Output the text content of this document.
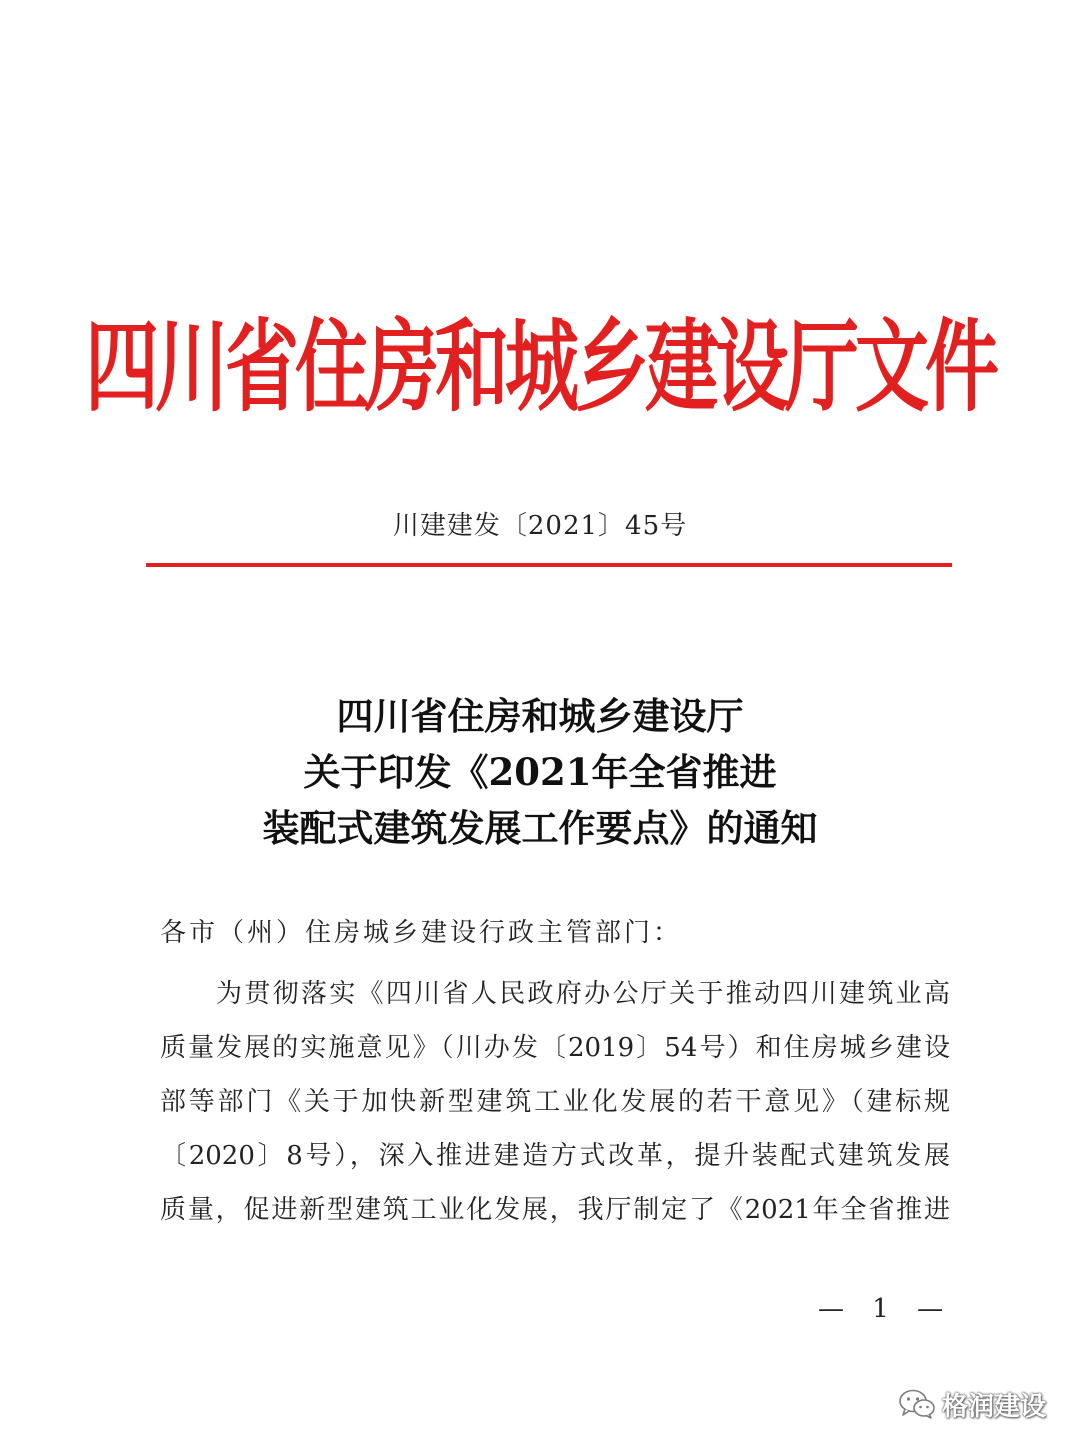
四川省住房和城乡建设厅文件
川建建发〔2021〕45号
四川省住房和城乡建设厅
关于印发《2021年全省推进
装配式建筑发展工作要点》的通知
各市（州）住房城乡建设行政主管部门：
为贯彻落实《四川省人民政府办公厅关于推动四川建筑业高
质量发展的实施意见》（川办发〔2019〕54号）和住房城乡建设
部等部门《关于加快新型建筑工业化发展的若干意见》（建标规
〔2020〕8号），深入推进建造方式改革，提升装配式建筑发展
质量，促进新型建筑工业化发展，我厅制定了《2021年全省推进
— 1 —
格润建设
